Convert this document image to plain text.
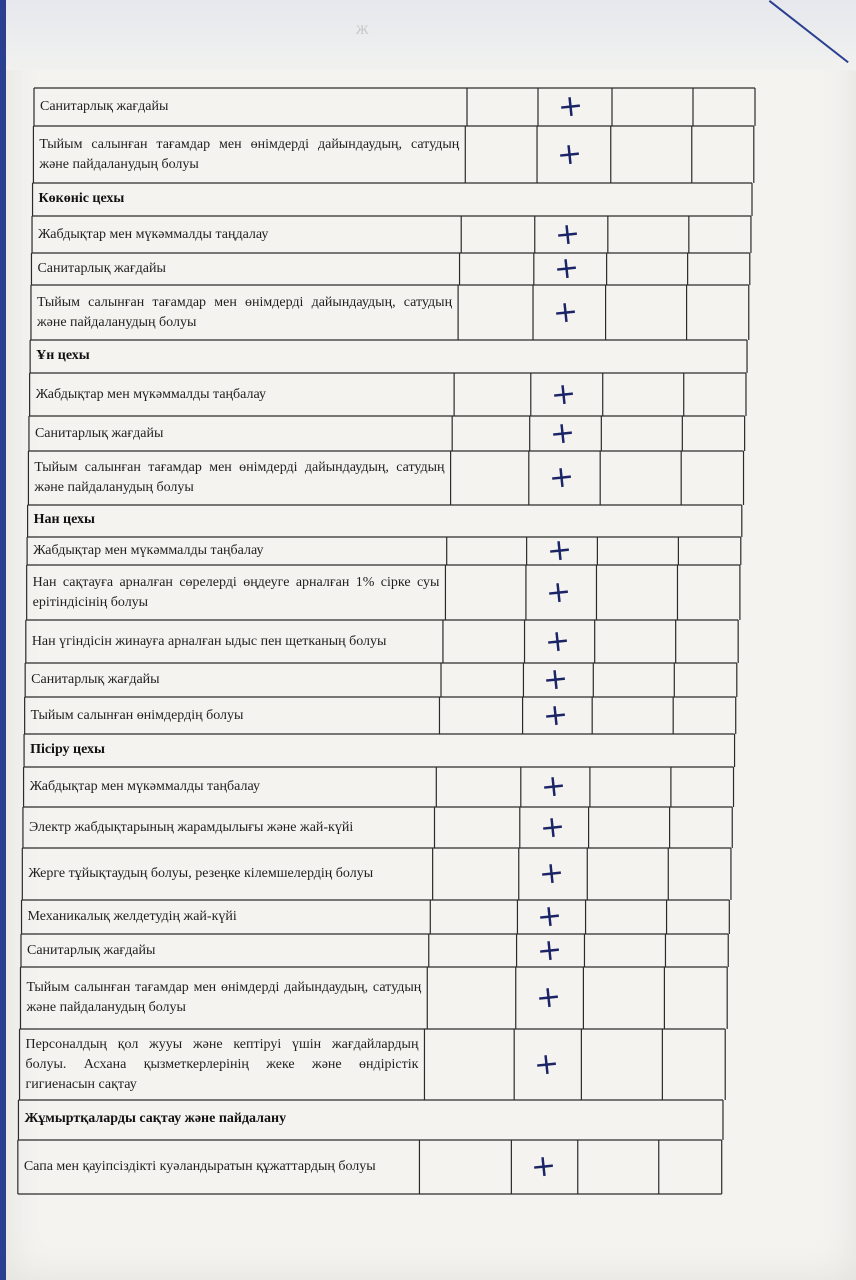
ж
+
Санитарлық жағдайы
+
Тыйым салынған тағамдар мен өнімдерді дайындаудың, сатудың және пайдаланудың болуы
Көкөніс цехы
+
Жабдықтар мен мүкәммалды таңдалау
+
Санитарлық жағдайы
+
Тыйым салынған тағамдар мен өнімдерді дайындаудың, сатудың және пайдаланудың болуы
Ұн цехы
+
Жабдықтар мен мүкәммалды таңбалау
+
Санитарлық жағдайы
+
Тыйым салынған тағамдар мен өнімдерді дайындаудың, сатудың және пайдаланудың болуы
Нан цехы
+
Жабдықтар мен мүкәммалды таңбалау
+
Нан сақтауға арналған сөрелерді өңдеуге арналған 1% сірке суы ерітіндісінің болуы
+
Нан үгіндісін жинауға арналған ыдыс пен щетканың болуы
+
Санитарлық жағдайы
+
Тыйым салынған өнімдердің болуы
Пісіру цехы
+
Жабдықтар мен мүкәммалды таңбалау
+
Электр жабдықтарының жарамдылығы және жай-күйі
+
Жерге тұйықтаудың болуы, резеңке кілемшелердің болуы
+
Механикалық желдетудің жай-күйі
+
Санитарлық жағдайы
+
Тыйым салынған тағамдар мен өнімдерді дайындаудың, сатудың және пайдаланудың болуы
+
Персоналдың қол жууы және кептіруі үшін жағдайлардың болуы. Асхана қызметкерлерінің жеке және өндірістік гигиенасын сақтау
Жұмыртқаларды сақтау және пайдалану
+
Сапа мен қауіпсіздікті куәландыратын құжаттардың болуы
